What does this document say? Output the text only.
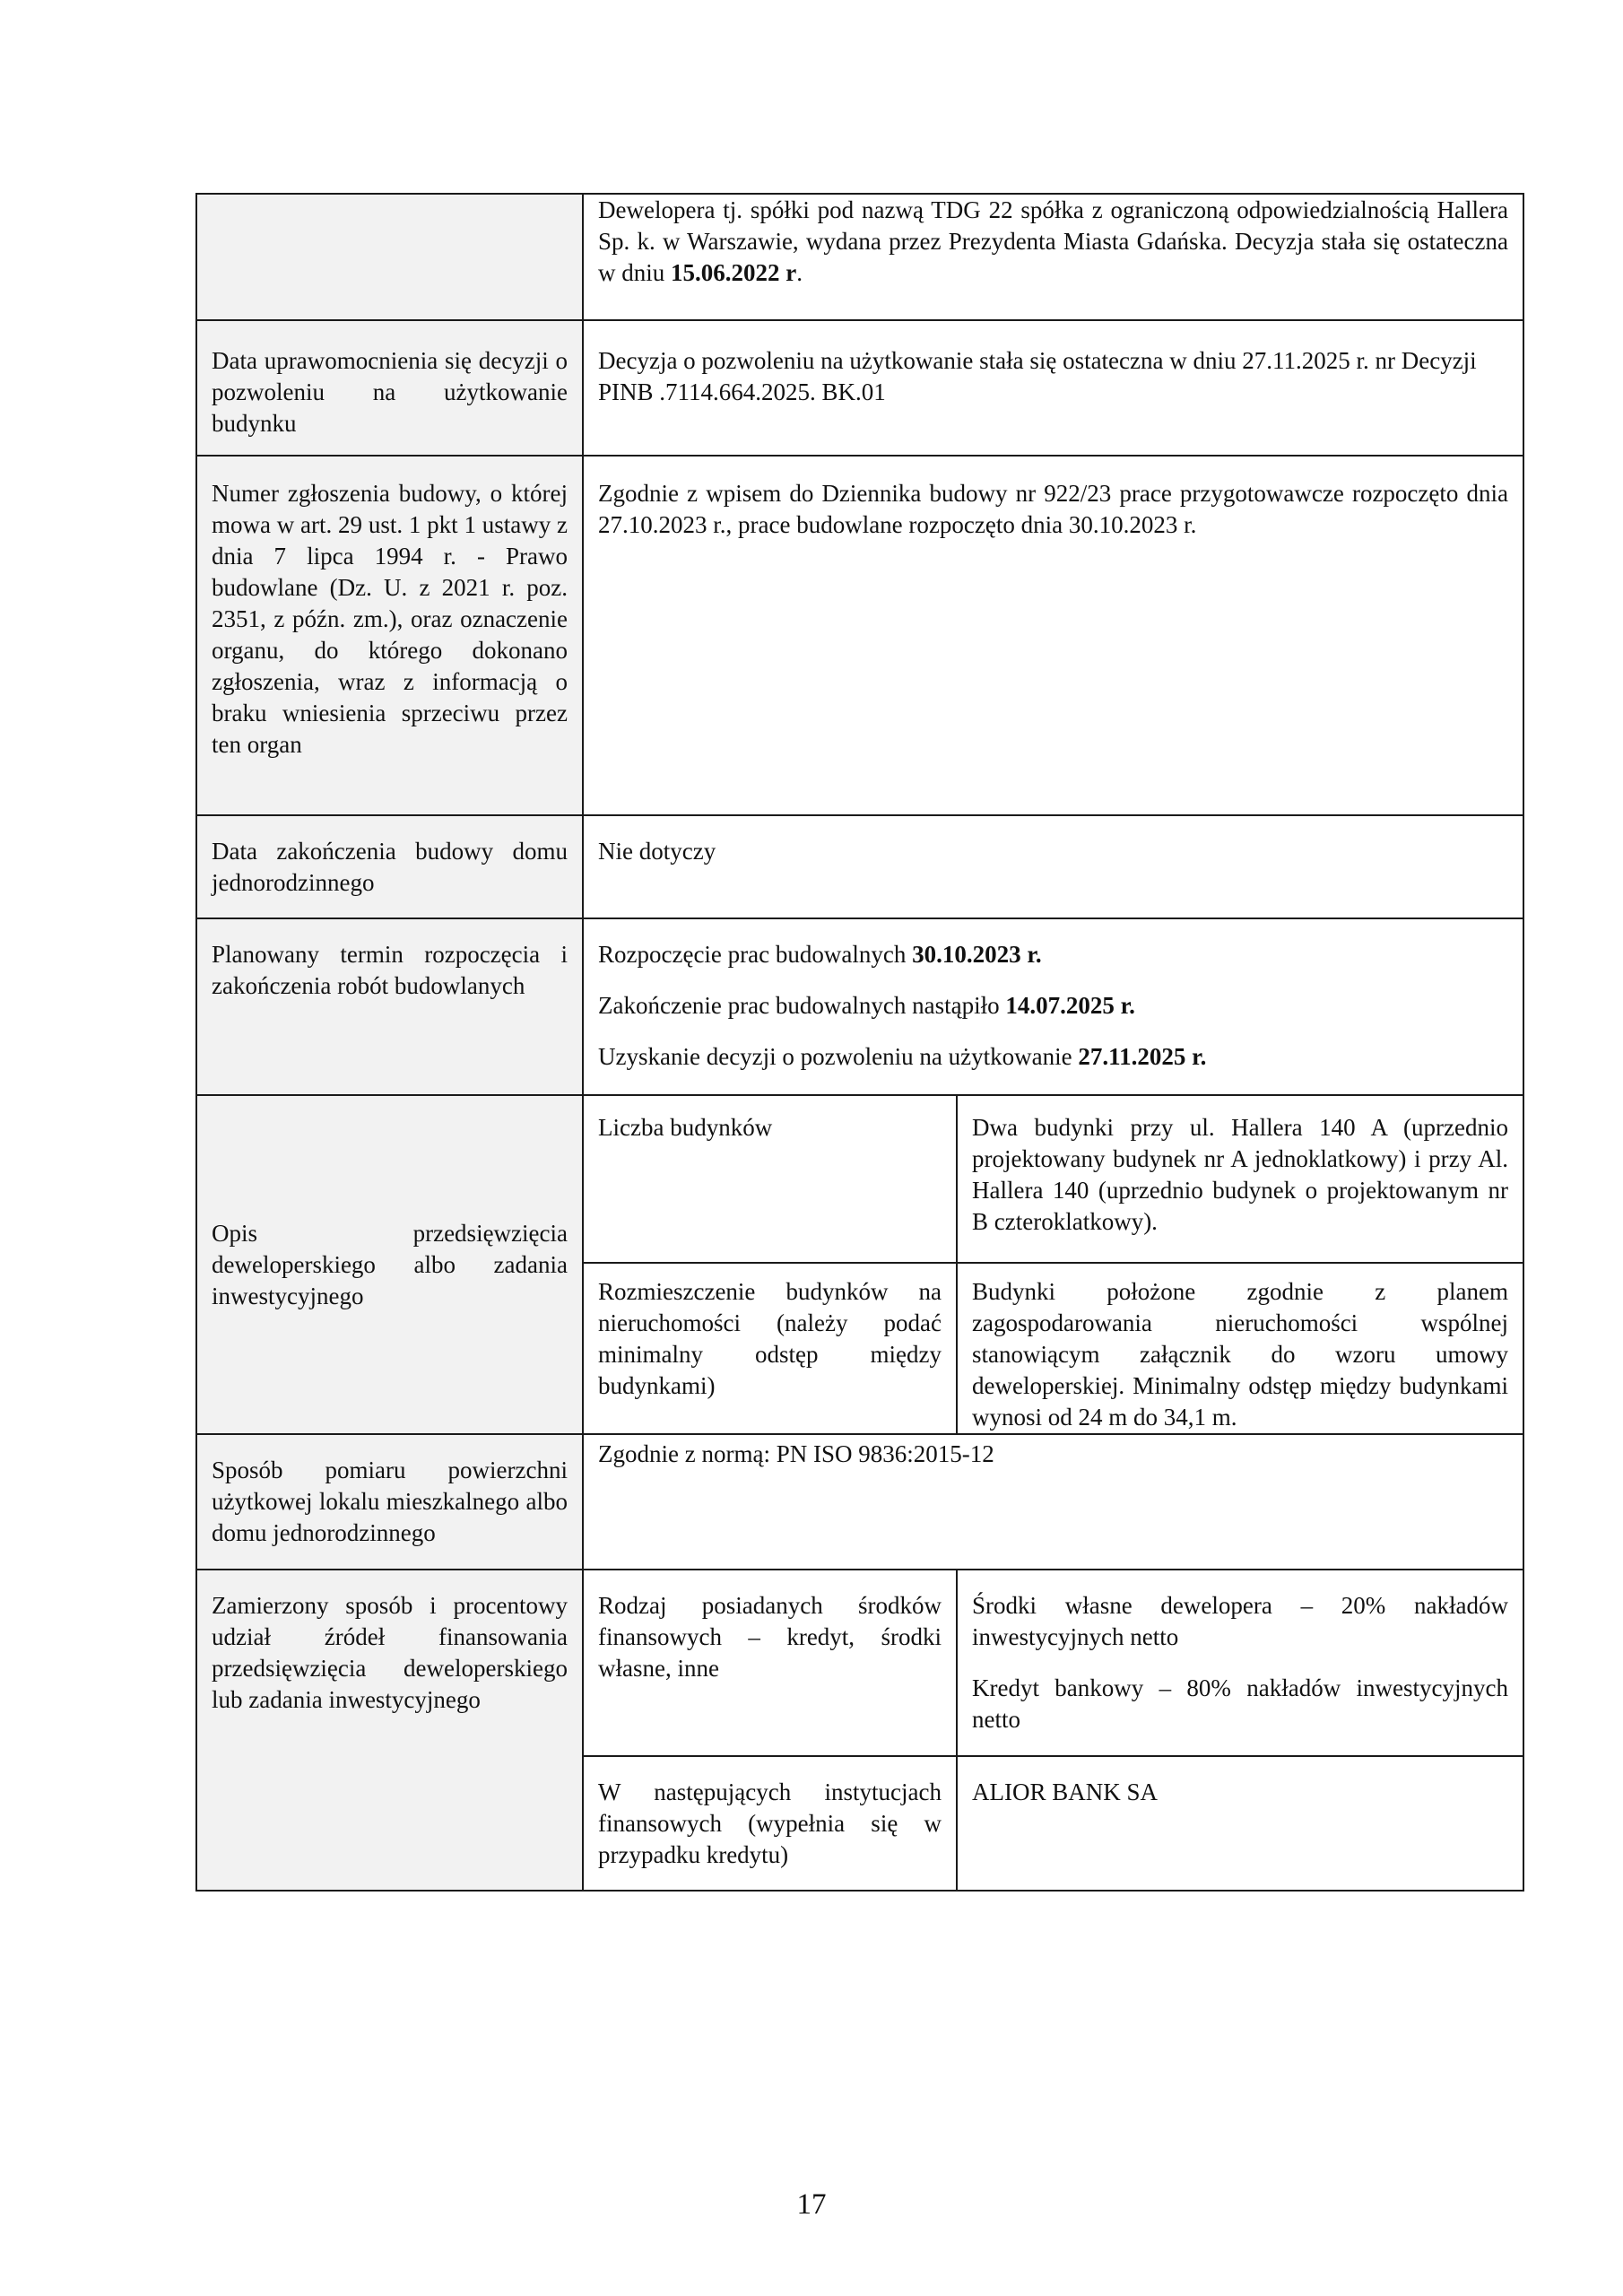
	Dewelopera tj. spółki pod nazwą TDG 22 spółka z ograniczoną odpowiedzialnością Hallera Sp. k. w Warszawie, wydana przez Prezydenta Miasta Gdańska. Decyzja stała się ostateczna w dniu 15.06.2022 r.	
Data uprawomocnienia się decyzji o pozwoleniu na użytkowanie budynku	Decyzja o pozwoleniu na użytkowanie stała się ostateczna w dniu 27.11.2025 r. nr Decyzji PINB .7114.664.2025. BK.01	
Numer zgłoszenia budowy, o której mowa w art. 29 ust. 1 pkt 1 ustawy z dnia 7 lipca 1994 r. - Prawo budowlane (Dz. U. z 2021 r. poz. 2351, z późn. zm.), oraz oznaczenie organu, do którego dokonano zgłoszenia, wraz z informacją o braku wniesienia sprzeciwu przez ten organ	Zgodnie z wpisem do Dziennika budowy nr 922/23 prace przygotowawcze rozpoczęto dnia 27.10.2023 r., prace budowlane rozpoczęto dnia 30.10.2023 r.	
Data zakończenia budowy domu jednorodzinnego	Nie dotyczy	
Planowany termin rozpoczęcia i zakończenia robót budowlanych	Rozpoczęcie prac budowalnych 30.10.2023 r.

Zakończenie prac budowalnych nastąpiło 14.07.2025 r.

Uzyskanie decyzji o pozwoleniu na użytkowanie 27.11.2025 r.	

Opis przedsięwzięcia deweloperskiego albo zadania inwestycyjnego	Liczba budynków	Dwa budynki przy ul. Hallera 140 A (uprzednio projektowany budynek nr A jednoklatkowy) i przy Al. Hallera 140 (uprzednio budynek o projektowanym nr B czteroklatkowy).
	Rozmieszczenie budynków na nieruchomości (należy podać minimalny odstęp między budynkami)	Budynki położone zgodnie z planem zagospodarowania nieruchomości wspólnej stanowiącym załącznik do wzoru umowy deweloperskiej. Minimalny odstęp między budynkami wynosi od 24 m do 34,1 m.
Sposób pomiaru powierzchni użytkowej lokalu mieszkalnego albo domu jednorodzinnego	Zgodnie z normą: PN ISO 9836:2015-12	
Zamierzony sposób i procentowy udział źródeł finansowania przedsięwzięcia deweloperskiego lub zadania inwestycyjnego	Rodzaj posiadanych środków finansowych – kredyt, środki własne, inne	Środki własne dewelopera – 20% nakładów inwestycyjnych netto

Kredyt bankowy – 80% nakładów inwestycyjnych netto

	W następujących instytucjach finansowych (wypełnia się w przypadku kredytu)	ALIOR BANK SA
17
